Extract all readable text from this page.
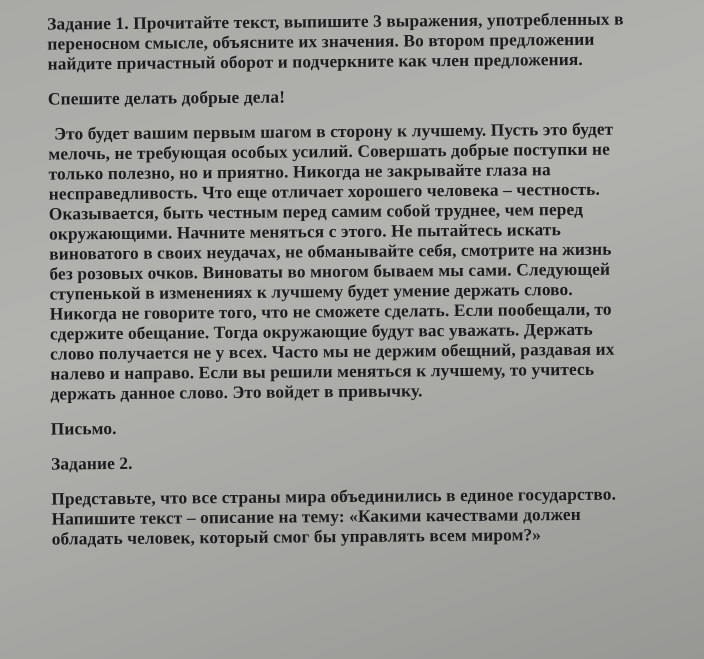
Задание 1. Прочитайте текст, выпишите 3 выражения, употребленных в
переносном смысле, объясните их значения. Во втором предложении
найдите причастный оборот и подчеркните как член предложения.
Спешите делать добрые дела!
Это будет вашим первым шагом в сторону к лучшему. Пусть это будет
мелочь, не требующая особых усилий. Совершать добрые поступки не
только полезно, но и приятно. Никогда не закрывайте глаза на
несправедливость. Что еще отличает хорошего человека – честность.
Оказывается, быть честным перед самим собой труднее, чем перед
окружающими. Начните меняться с этого. Не пытайтесь искать
виноватого в своих неудачах, не обманывайте себя, смотрите на жизнь
без розовых очков. Виноваты во многом бываем мы сами. Следующей
ступенькой в изменениях к лучшему будет умение держать слово.
Никогда не говорите того, что не сможете сделать. Если пообещали, то
сдержите обещание. Тогда окружающие будут вас уважать. Держать
слово получается не у всех. Часто мы не держим обещний, раздавая их
налево и направо. Если вы решили меняться к лучшему, то учитесь
держать данное слово. Это войдет в привычку.
Письмо.
Задание 2.
Представьте, что все страны мира объединились в единое государство.
Напишите текст – описание на тему: «Какими качествами должен
обладать человек, который смог бы управлять всем миром?»
